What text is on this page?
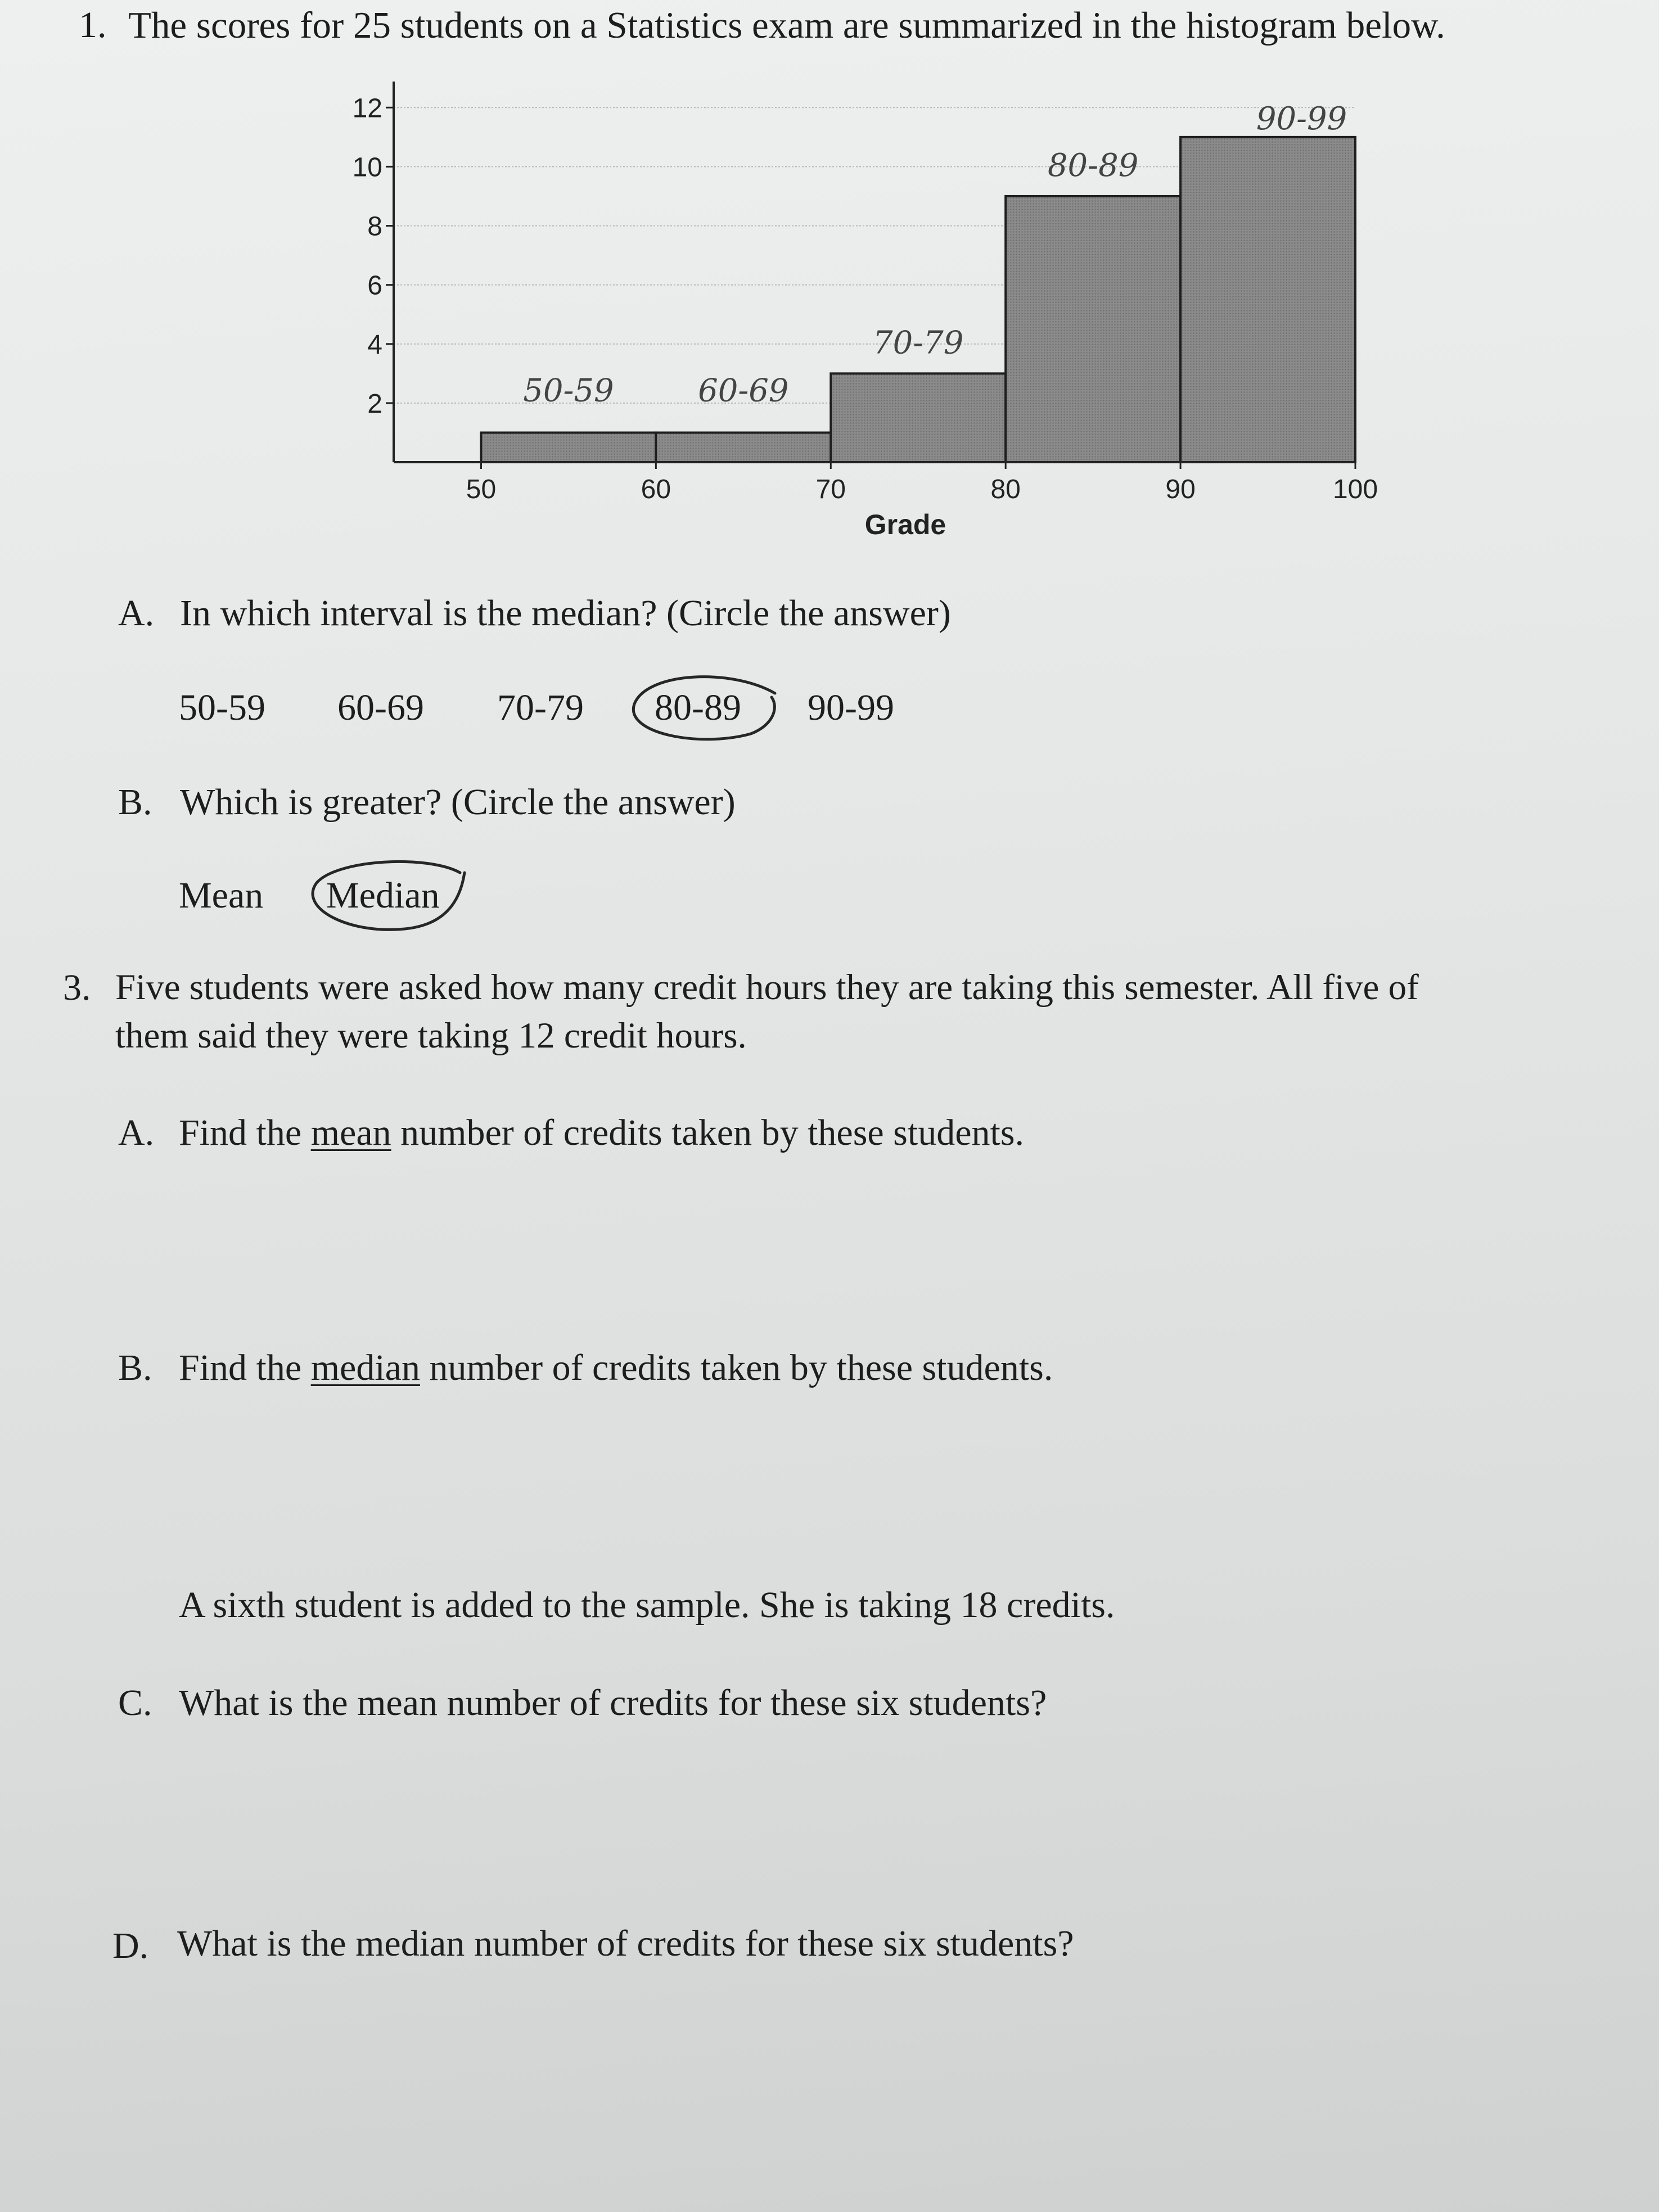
1. The scores for 25 students on a Statistics exam are summarized in the histogram below.

12
10
8
6
4
2
50	60	70	80	90	100
Grade
50-59	60-69
70-79
80-89
90-99

A. In which interval is the median? (Circle the answer)

50-59 60-69 70-79 80-89 90-99

B. Which is greater? (Circle the answer)

Mean Median

3. Five students were asked how many credit hours they are taking this semester. All five of

them said they were taking 12 credit hours.

A. Find the mean number of credits taken by these students.

B. Find the median number of credits taken by these students.

A sixth student is added to the sample. She is taking 18 credits.

C. What is the mean number of credits for these six students?

D. What is the median number of credits for these six students?
